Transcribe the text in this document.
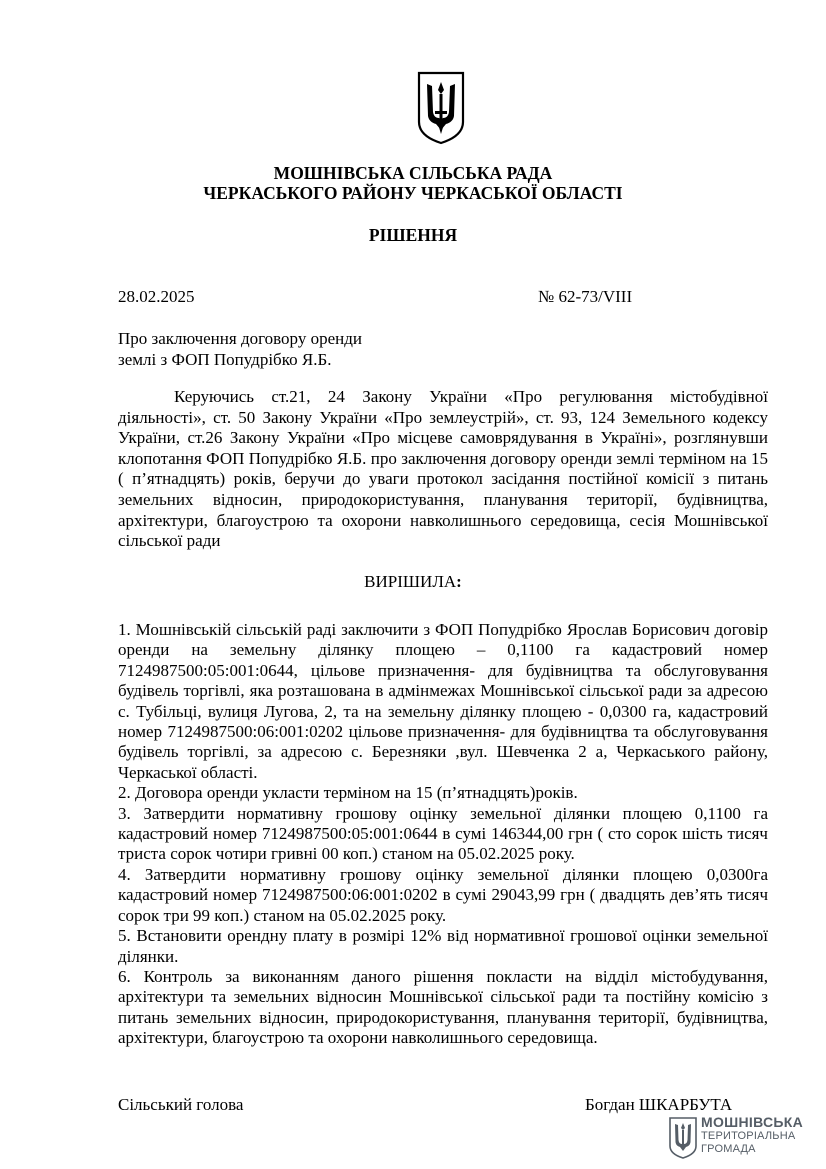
МОШНІВСЬКА СІЛЬСЬКА РАДА
ЧЕРКАСЬКОГО РАЙОНУ ЧЕРКАСЬКОЇ ОБЛАСТІ
РІШЕННЯ
28.02.2025	№ 62-73/VIII
Про заключення договору оренди
землі з ФОП Попудрібко Я.Б.
Керуючись ст.21, 24 Закону України «Про регулювання містобудівної діяльності», ст. 50 Закону України «Про землеустрій», ст. 93, 124 Земельного кодексу України, ст.26 Закону України «Про місцеве самоврядування в Україні», розглянувши клопотання ФОП Попудрібко Я.Б. про заключення договору оренди землі терміном на 15 ( п’ятнадцять) років, беручи до уваги протокол засідання постійної комісії з питань земельних відносин, природокористування, планування території, будівництва, архітектури, благоустрою та охорони навколишнього середовища, сесія Мошнівської сільської ради
ВИРІШИЛА:

1. Мошнівській сільській раді заключити з ФОП Попудрібко Ярослав Борисович договір оренди на земельну ділянку площею – 0,1100 га кадастровий номер 7124987500:05:001:0644, цільове призначення- для будівництва та обслуговування будівель торгівлі, яка розташована в адмінмежах Мошнівської сільської ради за адресою с. Тубільці, вулиця Лугова, 2, та на земельну ділянку площею - 0,0300 га, кадастровий номер 7124987500:06:001:0202 цільове призначення- для будівництва та обслуговування будівель торгівлі, за адресою с. Березняки ,вул. Шевченка 2 а, Черкаського району, Черкаської області.

2. Договора оренди укласти терміном на 15 (п’ятнадцять)років.

3. Затвердити нормативну грошову оцінку земельної ділянки площею 0,1100 га кадастровий номер 7124987500:05:001:0644 в сумі 146344,00 грн ( сто сорок шість тисяч триста сорок чотири гривні 00 коп.) станом на 05.02.2025 року.

4. Затвердити нормативну грошову оцінку земельної ділянки площею 0,0300га кадастровий номер 7124987500:06:001:0202 в сумі 29043,99 грн ( двадцять дев’ять тисяч сорок три 99 коп.) станом на 05.02.2025 року.

5. Встановити орендну плату в розмірі 12% від нормативної грошової оцінки земельної ділянки.

6. Контроль за виконанням даного рішення покласти на відділ містобудування, архітектури та земельних відносин Мошнівської сільської ради та постійну комісію з питань земельних відносин, природокористування, планування території, будівництва, архітектури, благоустрою та охорони навколишнього середовища.

Сільський голова	Богдан ШКАРБУТА
МОШНІВСЬКА
ТЕРИТОРІАЛЬНА
ГРОМАДА
